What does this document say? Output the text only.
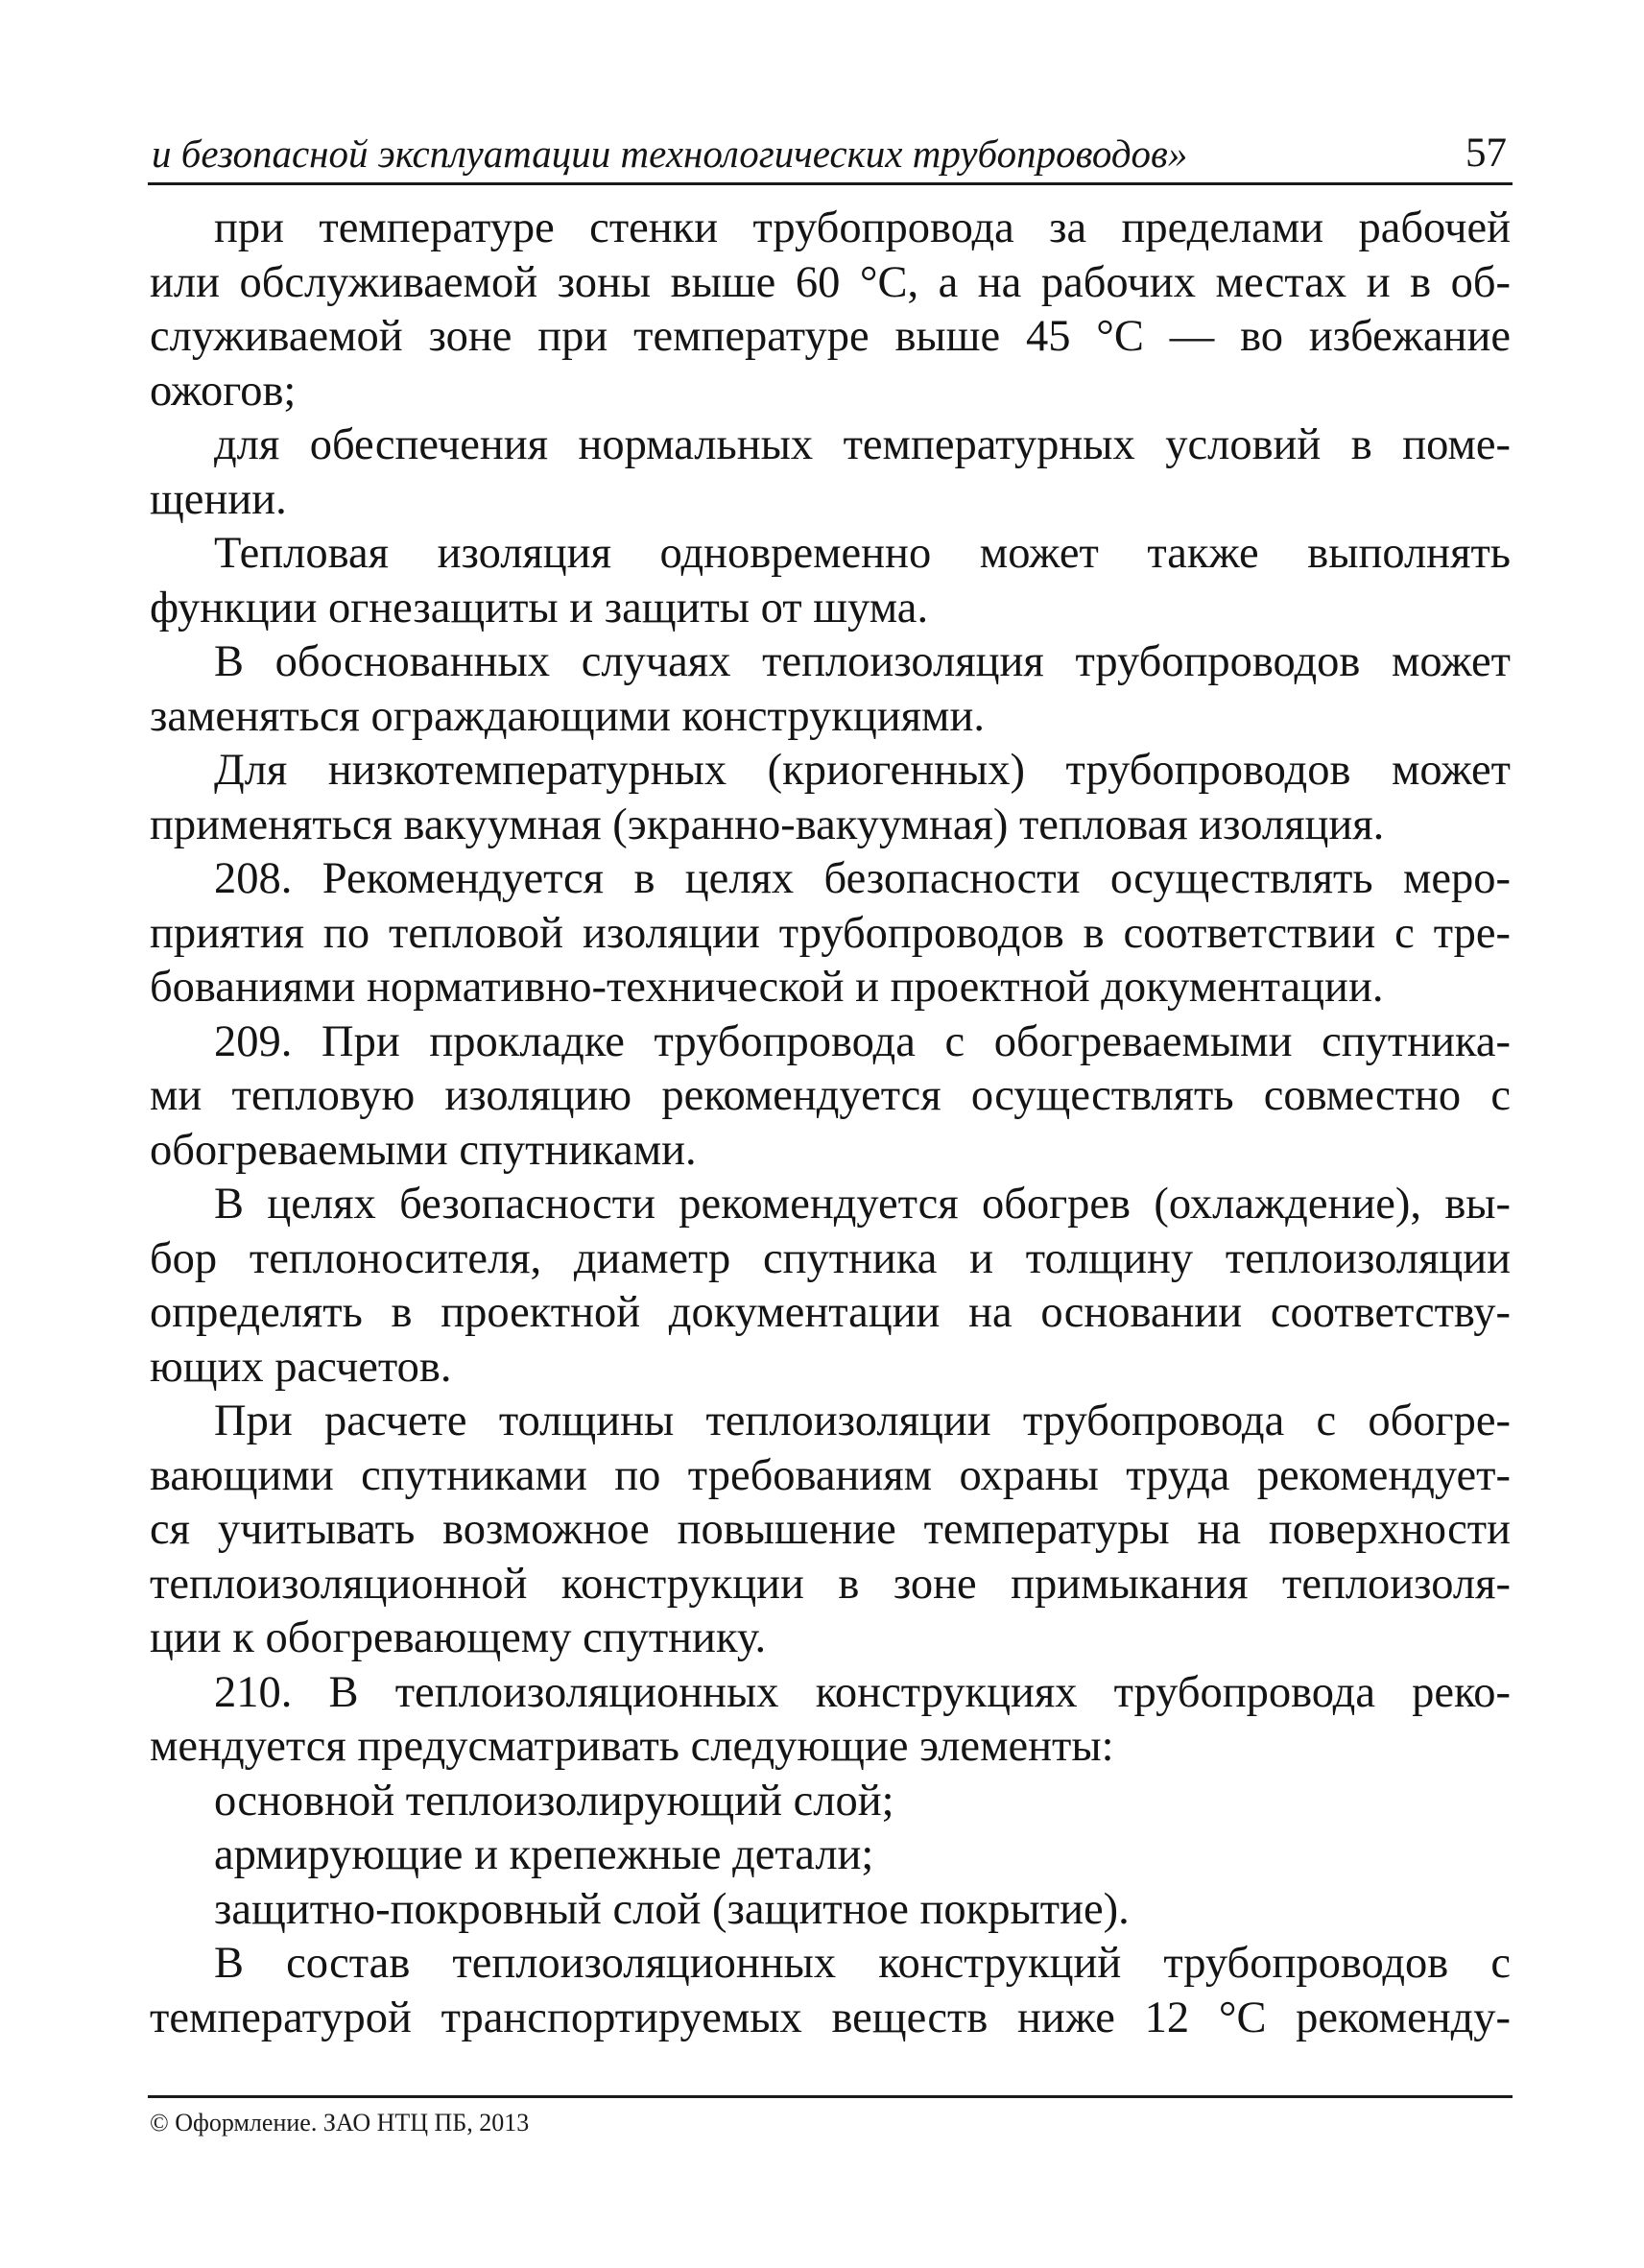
и безопасной эксплуатации технологических трубопроводов»	57
при температуре стенки трубопровода за пределами рабочей
или обслуживаемой зоны выше 60 °С, а на рабочих местах и в об-
служиваемой зоне при температуре выше 45 °С — во избежание
ожогов;
для обеспечения нормальных температурных условий в поме-
щении.
Тепловая изоляция одновременно может также выполнять
функции огнезащиты и защиты от шума.
В обоснованных случаях теплоизоляция трубопроводов может
заменяться ограждающими конструкциями.
Для низкотемпературных (криогенных) трубопроводов может
применяться вакуумная (экранно-вакуумная) тепловая изоляция.
208. Рекомендуется в целях безопасности осуществлять меро-
приятия по тепловой изоляции трубопроводов в соответствии с тре-
бованиями нормативно-технической и проектной документации.
209. При прокладке трубопровода с обогреваемыми спутника-
ми тепловую изоляцию рекомендуется осуществлять совместно с
обогреваемыми спутниками.
В целях безопасности рекомендуется обогрев (охлаждение), вы-
бор теплоносителя, диаметр спутника и толщину теплоизоляции
определять в проектной документации на основании соответству-
ющих расчетов.
При расчете толщины теплоизоляции трубопровода с обогре-
вающими спутниками по требованиям охраны труда рекомендует-
ся учитывать возможное повышение температуры на поверхности
теплоизоляционной конструкции в зоне примыкания теплоизоля-
ции к обогревающему спутнику.
210. В теплоизоляционных конструкциях трубопровода реко-
мендуется предусматривать следующие элементы:
основной теплоизолирующий слой;
армирующие и крепежные детали;
защитно-покровный слой (защитное покрытие).
В состав теплоизоляционных конструкций трубопроводов с
температурой транспортируемых веществ ниже 12 °С рекоменду-
© Оформление. ЗАО НТЦ ПБ, 2013
